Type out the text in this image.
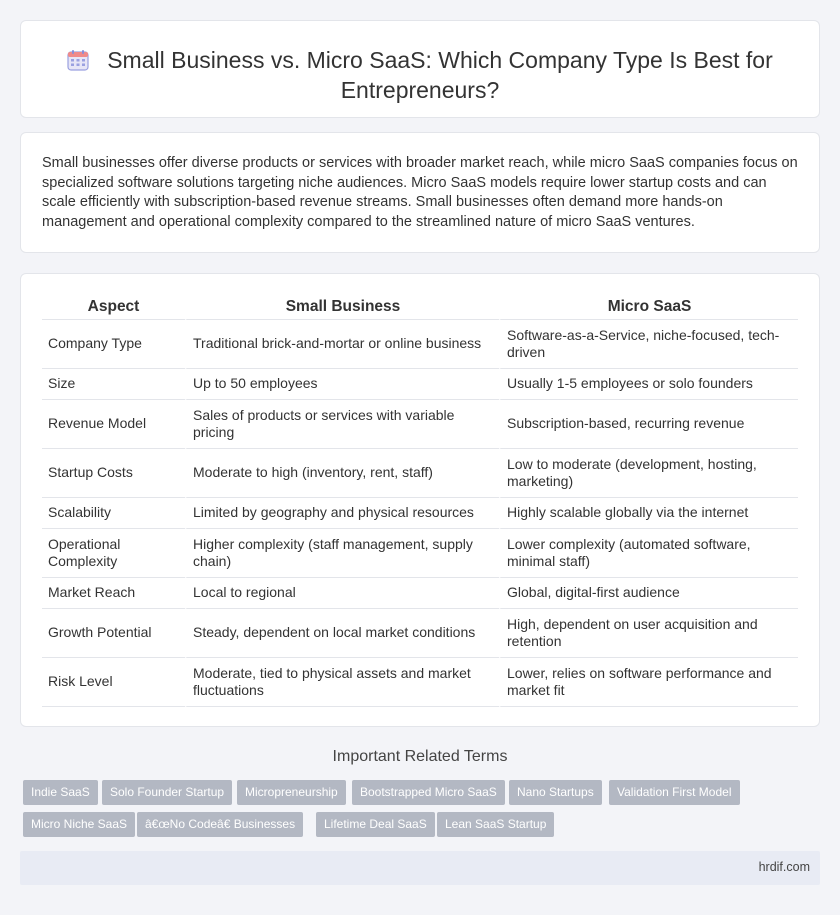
Small Business vs. Micro SaaS: Which Company Type Is Best for Entrepreneurs?

Small businesses offer diverse products or services with broader market reach, while micro SaaS companies focus on specialized software solutions targeting niche audiences. Micro SaaS models require lower startup costs and can scale efficiently with subscription-based revenue streams. Small businesses often demand more hands-on management and operational complexity compared to the streamlined nature of micro SaaS ventures.

Aspect	Small Business	Micro SaaS
Company Type	Traditional brick-and-mortar or online business	Software-as-a-Service, niche-focused, tech-driven
Size	Up to 50 employees	Usually 1-5 employees or solo founders
Revenue Model	Sales of products or services with variable pricing	Subscription-based, recurring revenue
Startup Costs	Moderate to high (inventory, rent, staff)	Low to moderate (development, hosting, marketing)
Scalability	Limited by geography and physical resources	Highly scalable globally via the internet
Operational Complexity	Higher complexity (staff management, supply chain)	Lower complexity (automated software, minimal staff)
Market Reach	Local to regional	Global, digital-first audience
Growth Potential	Steady, dependent on local market conditions	High, dependent on user acquisition and retention
Risk Level	Moderate, tied to physical assets and market fluctuations	Lower, relies on software performance and market fit
Important Related Terms
Indie SaaS	Solo Founder Startup	Micropreneurship	Bootstrapped Micro SaaS	Nano Startups	Validation First Model
Micro Niche SaaS	â€œNo Codeâ€ Businesses	Lifetime Deal SaaS	Lean SaaS Startup
hrdif.com
